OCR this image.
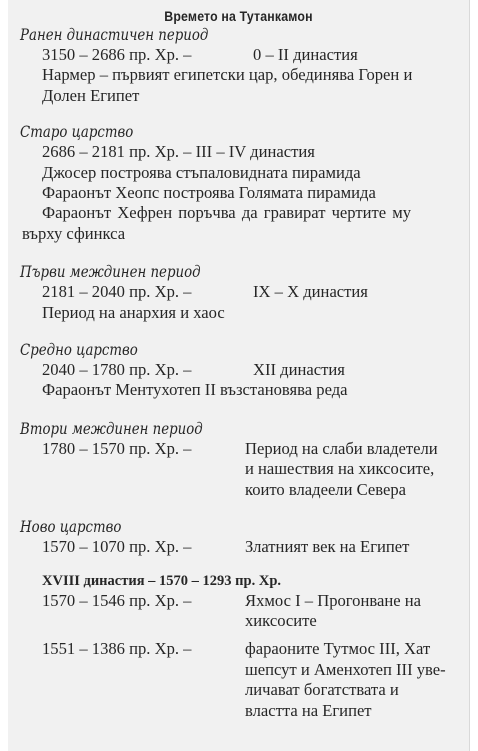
Времето на Тутанкамон
Ранен династичен период
3150 – 2686 пр. Хр. –	0 – II династия
Нармер – първият египетски цар, обединява Горен и
Долен Египет
Старо царство
2686 – 2181 пр. Хр. – III – IV династия
Джосер построява стъпаловидната пирамида
Фараонът Хеопс построява Голямата пирамида
Фараонът Хефрен поръчва да гравират чертите му
върху сфинкса
Първи междинен период
2181 – 2040 пр. Хр. –	IX – X династия
Период на анархия и хаос
Средно царство
2040 – 1780 пр. Хр. –	XII династия
Фараонът Ментухотеп II възстановява реда
Втори междинен период
1780 – 1570 пр. Хр. –	Период на слаби владетели
и нашествия на хиксосите,
които владеели Севера
Ново царство
1570 – 1070 пр. Хр. –	Златният век на Египет
XVIII династия – 1570 – 1293 пр. Хр.
1570 – 1546 пр. Хр. –	Яхмос I – Прогонване на
хиксосите
1551 – 1386 пр. Хр. –	фараоните Тутмос III, Хат
шепсут и Аменхотеп III уве-
личават богатствата и
властта на Египет
